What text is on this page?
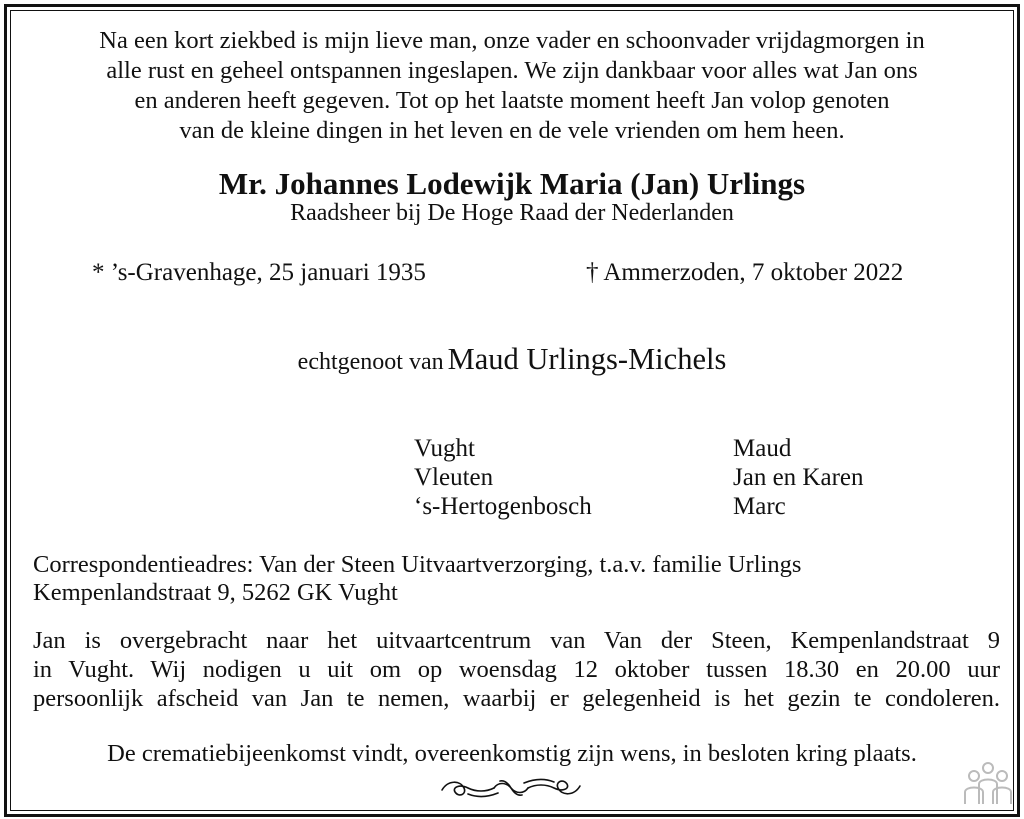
Na een kort ziekbed is mijn lieve man, onze vader en schoonvader vrijdagmorgen in
alle rust en geheel ontspannen ingeslapen. We zijn dankbaar voor alles wat Jan ons
en anderen heeft gegeven. Tot op het laatste moment heeft Jan volop genoten
van de kleine dingen in het leven en de vele vrienden om hem heen.
Mr. Johannes Lodewijk Maria (Jan) Urlings
Raadsheer bij De Hoge Raad der Nederlanden
* ’s-Gravenhage, 25 januari 1935	† Ammerzoden, 7 oktober 2022
echtgenoot van Maud Urlings-Michels
Vught
Vleuten
‘s-Hertogenbosch
Maud
Jan en Karen
Marc
Correspondentieadres: Van der Steen Uitvaartverzorging, t.a.v. familie Urlings
Kempenlandstraat 9, 5262 GK Vught
Jan is overgebracht naar het uitvaartcentrum van Van der Steen, Kempenlandstraat 9
in Vught. Wij nodigen u uit om op woensdag 12 oktober tussen 18.30 en 20.00 uur
persoonlijk afscheid van Jan te nemen, waarbij er gelegenheid is het gezin te condoleren.
De crematiebijeenkomst vindt, overeenkomstig zijn wens, in besloten kring plaats.
